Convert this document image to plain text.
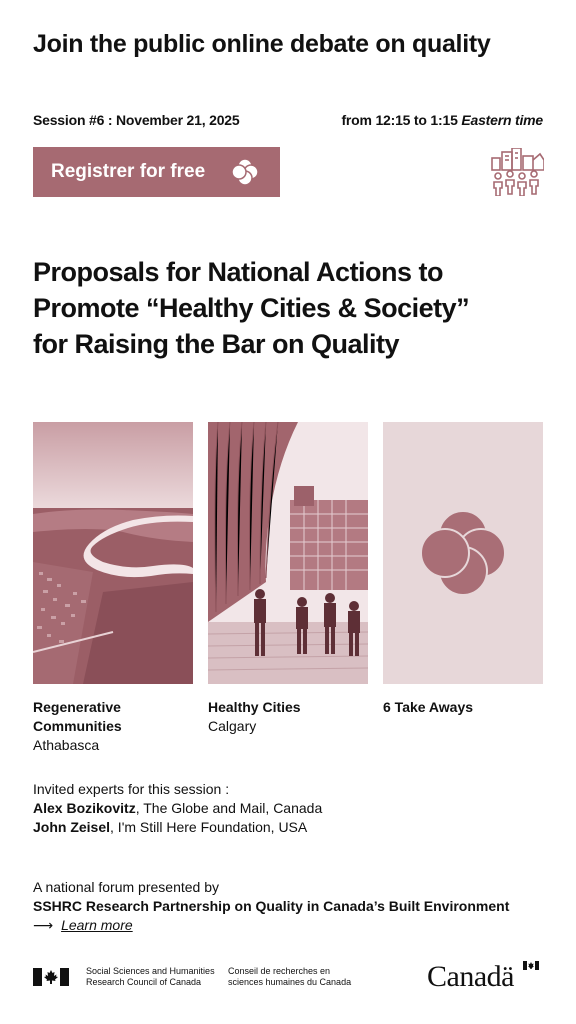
Join the public online debate on quality
Session #6 : November 21, 2025	from 12:15 to 1:15 Eastern time
Registrer for free
Proposals for National Actions to
Promote “Healthy Cities & Society”
for Raising the Bar on Quality
Regenerative Communities
Athabasca
Healthy Cities
Calgary
6 Take Aways
Invited experts for this session :
Alex Bozikovitz, The Globe and Mail, Canada
John Zeisel, I'm Still Here Foundation, USA
A national forum presented by
SSHRC Research Partnership on Quality in Canada’s Built Environment
⟶ Learn more
Social Sciences and Humanities
Research Council of Canada
Conseil de recherches en
sciences humaines du Canada	Canadä
